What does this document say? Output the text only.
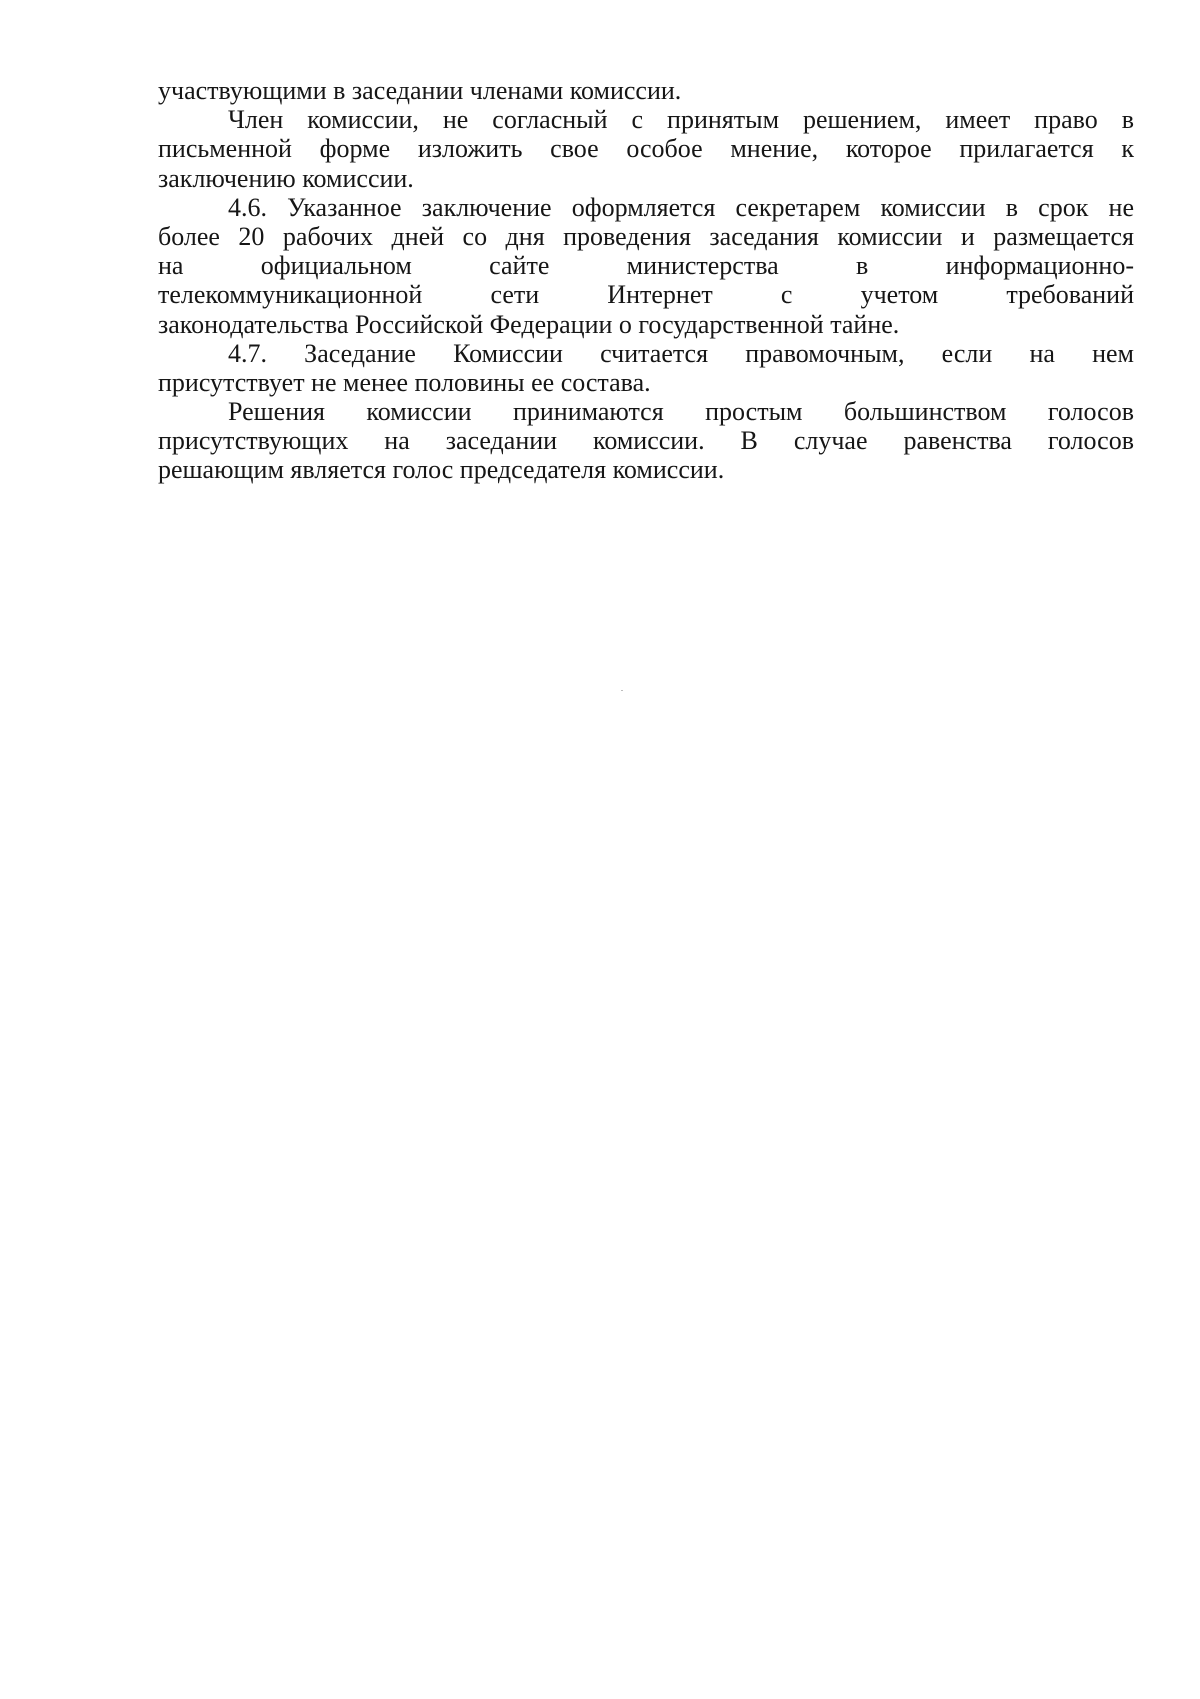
участвующими в заседании членами комиссии.
Член комиссии, не согласный с принятым решением, имеет право в
письменной форме изложить свое особое мнение, которое прилагается к
заключению комиссии.
4.6. Указанное заключение оформляется секретарем комиссии в срок не
более 20 рабочих дней со дня проведения заседания комиссии и размещается
на официальном сайте министерства в информационно-
телекоммуникационной сети Интернет с учетом требований
законодательства Российской Федерации о государственной тайне.
4.7. Заседание Комиссии считается правомочным, если на нем
присутствует не менее половины ее состава.
Решения комиссии принимаются простым большинством голосов
присутствующих на заседании комиссии. В случае равенства голосов
решающим является голос председателя комиссии.
